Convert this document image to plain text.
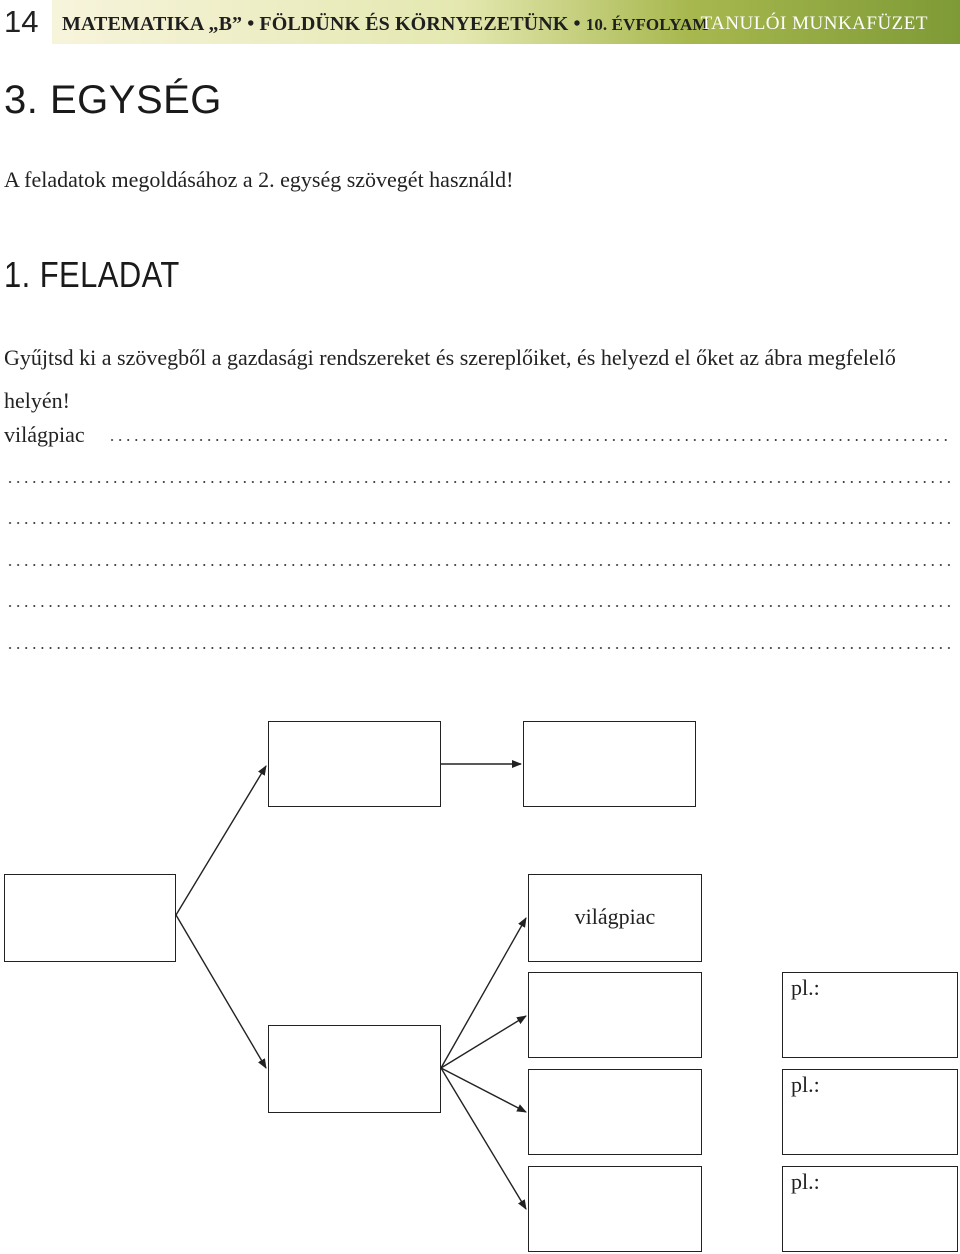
14	MATEMATIKA „B” • FÖLDÜNK ÉS KÖRNYEZETÜNK • 10. ÉVFOLYAM
TANULÓI MUNKAFÜZET
3. EGYSÉG
A feladatok megoldásához a 2. egység szövegét használd!
1. FELADAT
Gyűjtsd ki a szövegből a gazdasági rendszereket és szereplőiket, és helyezd el őket az ábra megfelelő helyén!
világpiac
világpiac
pl.:
pl.:
pl.:
